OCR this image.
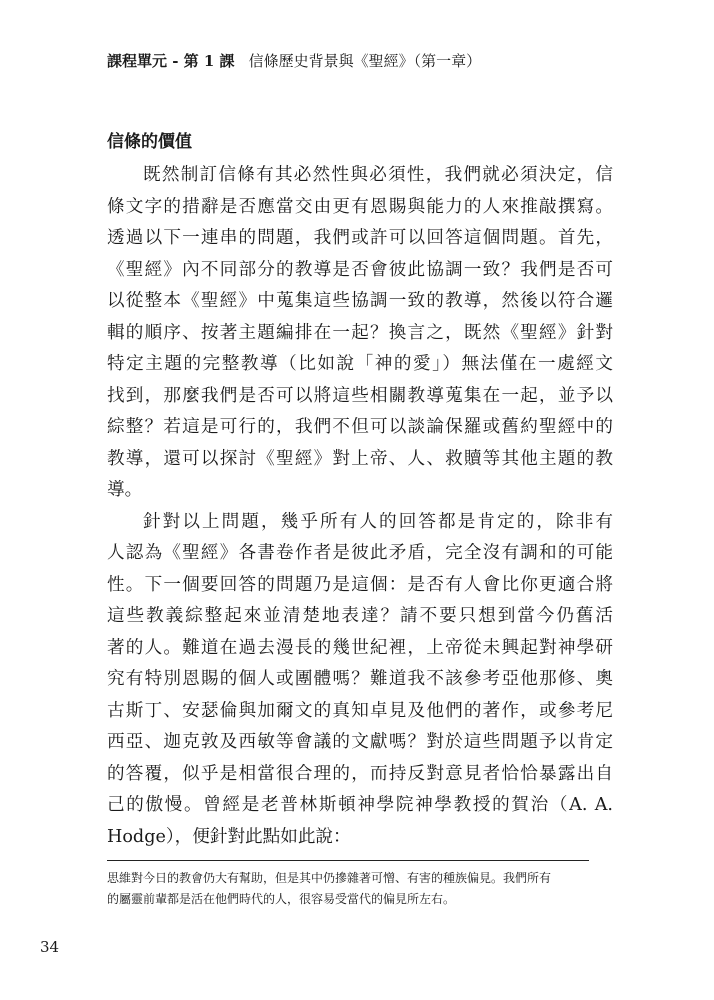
課程單元 - 第 1 課 信條歷史背景與《聖經》（第一章）
信條的價值
既然制訂信條有其必然性與必須性，我們就必須決定，信
條文字的措辭是否應當交由更有恩賜與能力的人來推敲撰寫。
透過以下一連串的問題，我們或許可以回答這個問題。首先，
《聖經》內不同部分的教導是否會彼此協調一致？我們是否可
以從整本《聖經》中蒐集這些協調一致的教導，然後以符合邏
輯的順序、按著主題編排在一起？換言之，既然《聖經》針對
特定主題的完整教導（比如說「神的愛」）無法僅在一處經文
找到，那麼我們是否可以將這些相關教導蒐集在一起，並予以
綜整？若這是可行的，我們不但可以談論保羅或舊約聖經中的
教導，還可以探討《聖經》對上帝、人、救贖等其他主題的教
導。
針對以上問題，幾乎所有人的回答都是肯定的，除非有
人認為《聖經》各書卷作者是彼此矛盾，完全沒有調和的可能
性。下一個要回答的問題乃是這個：是否有人會比你更適合將
這些教義綜整起來並清楚地表達？請不要只想到當今仍舊活
著的人。難道在過去漫長的幾世紀裡，上帝從未興起對神學研
究有特別恩賜的個人或團體嗎？難道我不該參考亞他那修、奧
古斯丁、安瑟倫與加爾文的真知卓見及他們的著作，或參考尼
西亞、迦克敦及西敏等會議的文獻嗎？對於這些問題予以肯定
的答覆，似乎是相當很合理的，而持反對意見者恰恰暴露出自
己的傲慢。曾經是老普林斯頓神學院神學教授的賀治（A. A.
Hodge），便針對此點如此說：
思維對今日的教會仍大有幫助，但是其中仍摻雜著可憎、有害的種族偏見。我們所有
的屬靈前輩都是活在他們時代的人，很容易受當代的偏見所左右。
34
